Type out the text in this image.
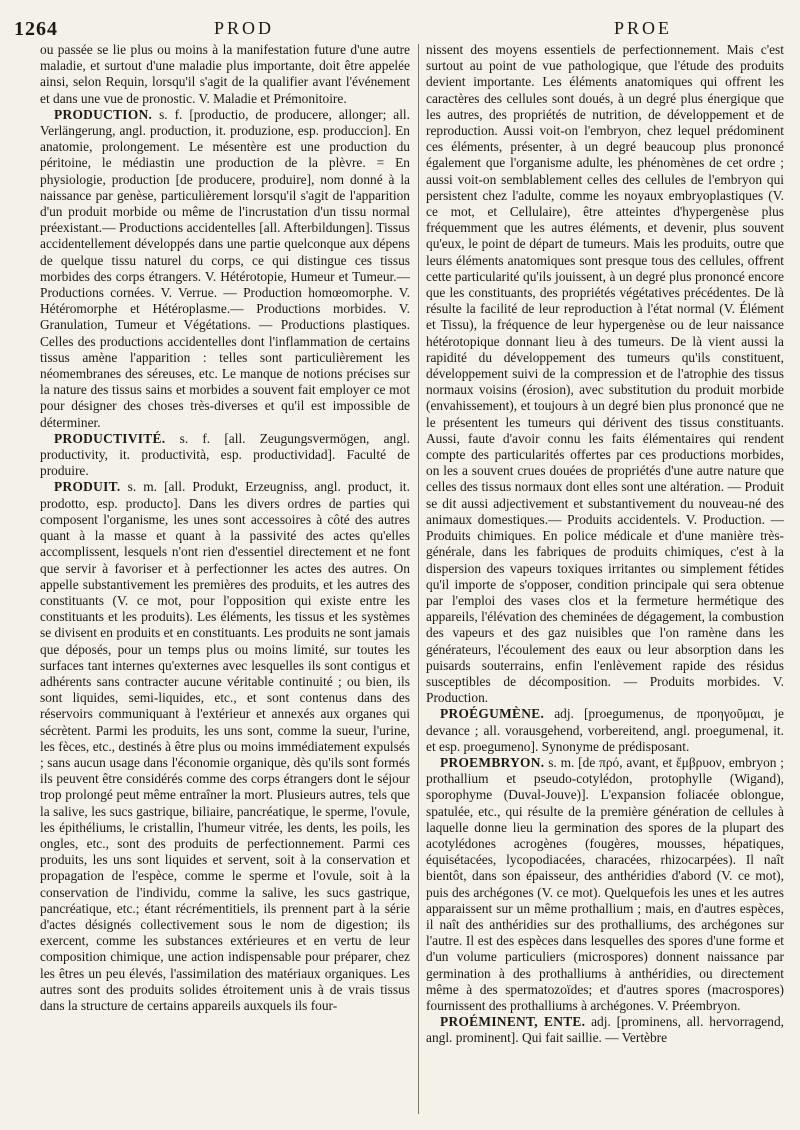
1264	PROD	PROE

ou passée se lie plus ou moins à la manifestation future d'une autre maladie, et surtout d'une maladie plus importante, doit être appelée ainsi, selon Requin, lorsqu'il s'agit de la qualifier avant l'événement et dans une vue de pronostic. V. Maladie et Prémonitoire.

PRODUCTION. s. f. [productio, de producere, allonger; all. Verlängerung, angl. production, it. produzione, esp. produccion]. En anatomie, prolongement. Le mésentère est une production du péritoine, le médiastin une production de la plèvre. = En physiologie, production [de producere, produire], nom donné à la naissance par genèse, particulièrement lorsqu'il s'agit de l'apparition d'un produit morbide ou même de l'incrustation d'un tissu normal préexistant.— Productions accidentelles [all. Afterbildungen]. Tissus accidentellement développés dans une partie quelconque aux dépens de quelque tissu naturel du corps, ce qui distingue ces tissus morbides des corps étrangers. V. Hétérotopie, Humeur et Tumeur.—Productions cornées. V. Verrue. — Production homœomorphe. V. Hétéromorphe et Hétéroplasme.— Productions morbides. V. Granulation, Tumeur et Végétations. — Productions plastiques. Celles des productions accidentelles dont l'inflammation de certains tissus amène l'apparition : telles sont particulièrement les néomembranes des séreuses, etc. Le manque de notions précises sur la nature des tissus sains et morbides a souvent fait employer ce mot pour désigner des choses très-diverses et qu'il est impossible de déterminer.

PRODUCTIVITÉ. s. f. [all. Zeugungsvermögen, angl. productivity, it. productività, esp. productividad]. Faculté de produire.

PRODUIT. s. m. [all. Produkt, Erzeugniss, angl. product, it. prodotto, esp. producto]. Dans les divers ordres de parties qui composent l'organisme, les unes sont accessoires à côté des autres quant à la masse et quant à la passivité des actes qu'elles accomplissent, lesquels n'ont rien d'essentiel directement et ne font que servir à favoriser et à perfectionner les actes des autres. On appelle substantivement les premières des produits, et les autres des constituants (V. ce mot, pour l'opposition qui existe entre les constituants et les produits). Les éléments, les tissus et les systèmes se divisent en produits et en constituants. Les produits ne sont jamais que déposés, pour un temps plus ou moins limité, sur toutes les surfaces tant internes qu'externes avec lesquelles ils sont contigus et adhérents sans contracter aucune véritable continuité ; ou bien, ils sont liquides, semi-liquides, etc., et sont contenus dans des réservoirs communiquant à l'extérieur et annexés aux organes qui sécrètent. Parmi les produits, les uns sont, comme la sueur, l'urine, les fèces, etc., destinés à être plus ou moins immédiatement expulsés ; sans aucun usage dans l'économie organique, dès qu'ils sont formés ils peuvent être considérés comme des corps étrangers dont le séjour trop prolongé peut même entraîner la mort. Plusieurs autres, tels que la salive, les sucs gastrique, biliaire, pancréatique, le sperme, l'ovule, les épithéliums, le cristallin, l'humeur vitrée, les dents, les poils, les ongles, etc., sont des produits de perfectionnement. Parmi ces produits, les uns sont liquides et servent, soit à la conservation et propagation de l'espèce, comme le sperme et l'ovule, soit à la conservation de l'individu, comme la salive, les sucs gastrique, pancréatique, etc.; étant récrémentitiels, ils prennent part à la série d'actes désignés collectivement sous le nom de digestion; ils exercent, comme les substances extérieures et en vertu de leur composition chimique, une action indispensable pour préparer, chez les êtres un peu élevés, l'assimilation des matériaux organiques. Les autres sont des produits solides étroitement unis à de vrais tissus dans la structure de certains appareils auxquels ils four-

nissent des moyens essentiels de perfectionnement. Mais c'est surtout au point de vue pathologique, que l'étude des produits devient importante. Les éléments anatomiques qui offrent les caractères des cellules sont doués, à un degré plus énergique que les autres, des propriétés de nutrition, de développement et de reproduction. Aussi voit-on l'embryon, chez lequel prédominent ces éléments, présenter, à un degré beaucoup plus prononcé également que l'organisme adulte, les phénomènes de cet ordre ; aussi voit-on semblablement celles des cellules de l'embryon qui persistent chez l'adulte, comme les noyaux embryoplastiques (V. ce mot, et Cellulaire), être atteintes d'hypergenèse plus fréquemment que les autres éléments, et devenir, plus souvent qu'eux, le point de départ de tumeurs. Mais les produits, outre que leurs éléments anatomiques sont presque tous des cellules, offrent cette particularité qu'ils jouissent, à un degré plus prononcé encore que les constituants, des propriétés végétatives précédentes. De là résulte la facilité de leur reproduction à l'état normal (V. Élément et Tissu), la fréquence de leur hypergenèse ou de leur naissance hétérotopique donnant lieu à des tumeurs. De là vient aussi la rapidité du développement des tumeurs qu'ils constituent, développement suivi de la compression et de l'atrophie des tissus normaux voisins (érosion), avec substitution du produit morbide (envahissement), et toujours à un degré bien plus prononcé que ne le présentent les tumeurs qui dérivent des tissus constituants. Aussi, faute d'avoir connu les faits élémentaires qui rendent compte des particularités offertes par ces productions morbides, on les a souvent crues douées de propriétés d'une autre nature que celles des tissus normaux dont elles sont une altération. — Produit se dit aussi adjectivement et substantivement du nouveau-né des animaux domestiques.— Produits accidentels. V. Production. — Produits chimiques. En police médicale et d'une manière très-générale, dans les fabriques de produits chimiques, c'est à la dispersion des vapeurs toxiques irritantes ou simplement fétides qu'il importe de s'opposer, condition principale qui sera obtenue par l'emploi des vases clos et la fermeture hermétique des appareils, l'élévation des cheminées de dégagement, la combustion des vapeurs et des gaz nuisibles que l'on ramène dans les générateurs, l'écoulement des eaux ou leur absorption dans les puisards souterrains, enfin l'enlèvement rapide des résidus susceptibles de décomposition. — Produits morbides. V. Production.

PROÉGUMÈNE. adj. [proegumenus, de προηγοῦμαι, je devance ; all. vorausgehend, vorbereitend, angl. proegumenal, it. et esp. proegumeno]. Synonyme de prédisposant.

PROEMBRYON. s. m. [de πρό, avant, et ἔμβρυον, embryon ; prothallium et pseudo-cotylédon, protophylle (Wigand), sporophyme (Duval-Jouve)]. L'expansion foliacée oblongue, spatulée, etc., qui résulte de la première génération de cellules à laquelle donne lieu la germination des spores de la plupart des acotylédones acrogènes (fougères, mousses, hépatiques, équisétacées, lycopodiacées, characées, rhizocarpées). Il naît bientôt, dans son épaisseur, des anthéridies d'abord (V. ce mot), puis des archégones (V. ce mot). Quelquefois les unes et les autres apparaissent sur un même prothallium ; mais, en d'autres espèces, il naît des anthéridies sur des prothalliums, des archégones sur l'autre. Il est des espèces dans lesquelles des spores d'une forme et d'un volume particuliers (microspores) donnent naissance par germination à des prothalliums à anthéridies, ou directement même à des spermatozoïdes; et d'autres spores (macrospores) fournissent des prothalliums à archégones. V. Préembryon.

PROÉMINENT, ENTE. adj. [prominens, all. hervorragend, angl. prominent]. Qui fait saillie. — Vertèbre
